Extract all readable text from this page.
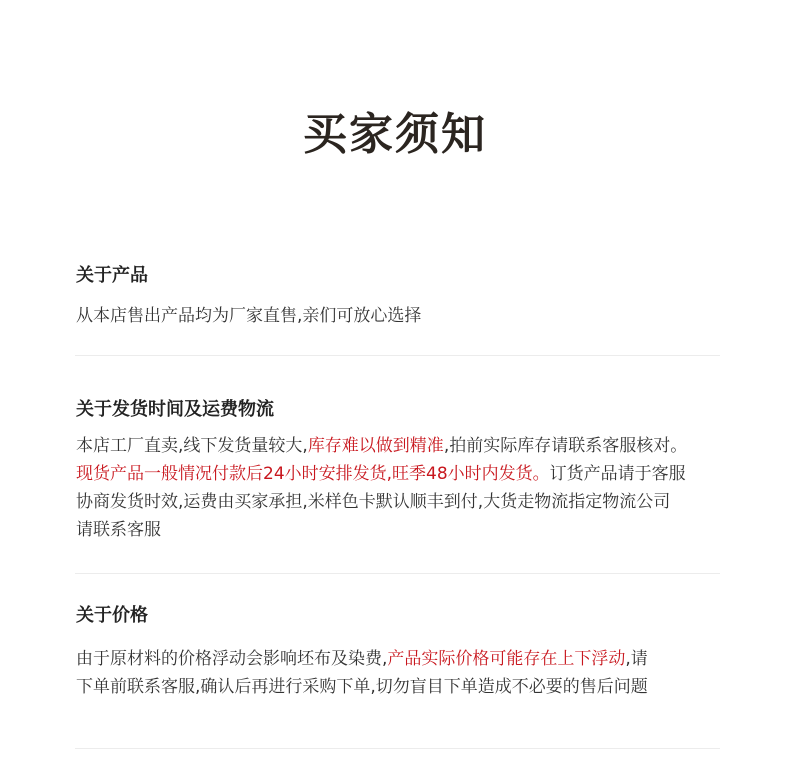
买家须知
关于产品
从本店售出产品均为厂家直售,亲们可放心选择
关于发货时间及运费物流
本店工厂直卖,线下发货量较大,库存难以做到精准,拍前实际库存请联系客服核对。
现货产品一般情况付款后24小时安排发货,旺季48小时内发货。订货产品请于客服
协商发货时效,运费由买家承担,米样色卡默认顺丰到付,大货走物流指定物流公司
请联系客服
关于价格
由于原材料的价格浮动会影响坯布及染费,产品实际价格可能存在上下浮动,请
下单前联系客服,确认后再进行采购下单,切勿盲目下单造成不必要的售后问题
